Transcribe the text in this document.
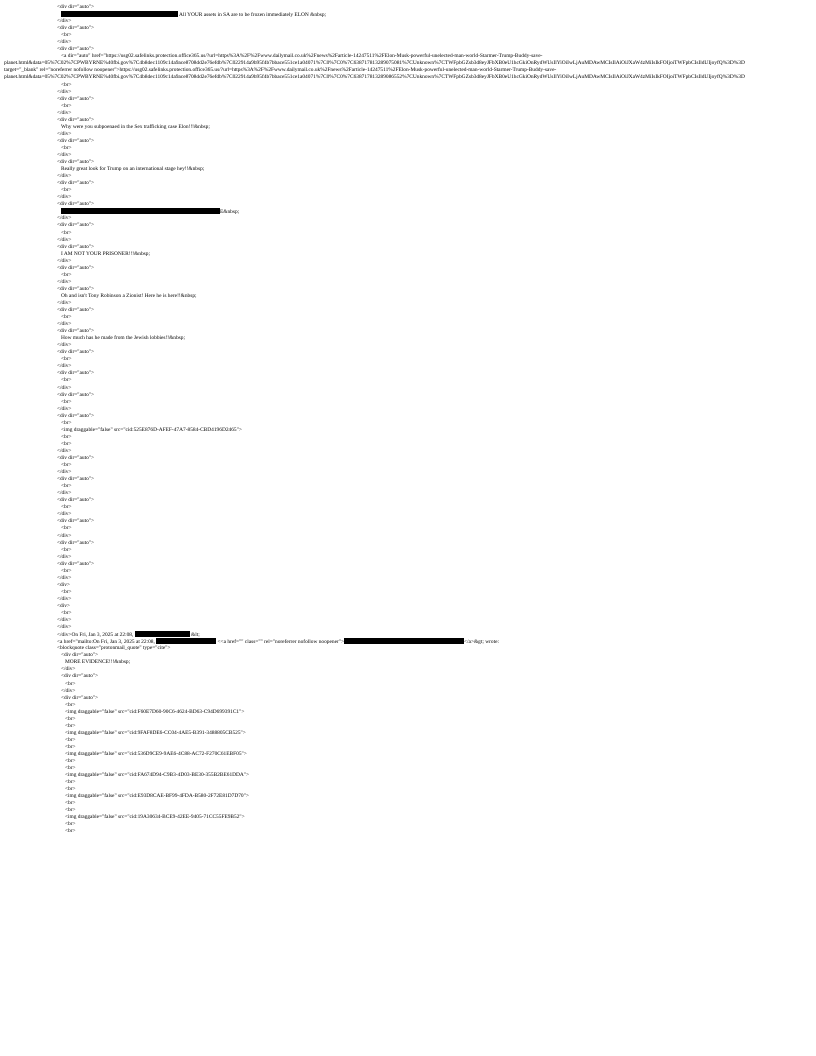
<div dir="auto">
All YOUR assets in SA are to be frozen immediately ELON &nbsp;
</div>
<div dir="auto">
<br>
</div>
<div dir="auto">
<a dir="auto" href="https://usg02.safelinks.protection.office365.us/?url=https%3A%2F%2Fwww.dailymail.co.uk%2Fnews%2Farticle-14247511%2FElon-Musk-powerful-unelected-man-world-Starmer-Trump-Buddy-save-
planet.html&data=05%7C02%7CPWBYRNE%40fbi.gov%7C4b8dec1109c14a9ace8708dd2e76efdb%7C022914a9b95f4b7bbace551ce1a04071%7C0%7C0%7C638717813289075081%7CUnknown%7CTWFpbGZsb3d8eyJFbXB0eU1hcGkiOnRydWUsIlYiOiIwLjAuMDAwMCIsIlAiOiJXaW4zMiIsIkFOIjoiTWFpbCIsIldUIjoyfQ%3D%3D
target="_blank" rel="noreferrer nofollow noopener">https://usg02.safelinks.protection.office365.us/?url=https%3A%2F%2Fwww.dailymail.co.uk%2Fnews%2Farticle-14247511%2FElon-Musk-powerful-unelected-man-world-Starmer-Trump-Buddy-save-
planet.html&data=05%7C02%7CPWBYRNE%40fbi.gov%7C4b8dec1109c14a9ace8708dd2e76efdb%7C022914a9b95f4b7bbace551ce1a04071%7C0%7C0%7C638717813289086552%7CUnknown%7CTWFpbGZsb3d8eyJFbXB0eU1hcGkiOnRydWUsIlYiOiIwLjAuMDAwMCIsIlAiOiJXaW4zMiIsIkFOIjoiTWFpbCIsIldUIjoyfQ%3D%3D
<br>
</div>
<div dir="auto">
<br>
</div>
<div dir="auto">
Why were you subpoenaed in the Sex trafficking case Elon!!!&nbsp;
</div>
<div dir="auto">
<br>
</div>
<div dir="auto">
Really great look for Trump on an international stage hey!!&nbsp;
</div>
<div dir="auto">
<br>
</div>
<div dir="auto">
E&nbsp;
</div>
<div dir="auto">
<br>
</div>
<div dir="auto">
I AM NOT YOUR PRISONER!!!&nbsp;
</div>
<div dir="auto">
<br>
</div>
<div dir="auto">
Oh and isn't Tony Robinson a Zionist! Here he is here!!&nbsp;
</div>
<div dir="auto">
<br>
</div>
<div dir="auto">
How much has he made from the Jewish lobbies!!&nbsp;
</div>
<div dir="auto">
<br>
</div>
<div dir="auto">
<br>
</div>
<div dir="auto">
<br>
</div>
<div dir="auto">
<br>
<img draggable="false" src="cid:525E876D-AFEF-47A7-8584-CBD4196D2465">
<br>
<br>
</div>
<div dir="auto">
<br>
</div>
<div dir="auto">
<br>
</div>
<div dir="auto">
<br>
</div>
<div dir="auto">
<br>
</div>
<div dir="auto">
<br>
</div>
<div dir="auto">
<br>
</div>
<div>
<br>
</div>
<div>
<br>
</div>
</div>
</div>On Fri, Jan 3, 2025 at 22:08,	&lt;
<a href="mailto:On Fri, Jan 3, 2025 at 22:08,	<<a href="" class="" rel="noreferrer nofollow noopener">	</a>&gt; wrote:
<blockquote class="protonmail_quote" type="cite">
<div dir="auto">
MORE EVIDENCE!!!&nbsp;
</div>
<div dir="auto">
<br>
</div>
<div dir="auto">
<br>
<img draggable="false" src="cid:F60E7D60-90C6-4624-BD63-C94D699391C1">
<br>
<br>
<img draggable="false" src="cid:9FAF8DE6-CC04-4AE5-B391-3488805CB525">
<br>
<br>
<img draggable="false" src="cid:536D9CE9-9AE6-4C88-AC72-F270C61EBF05">
<br>
<br>
<img draggable="false" src="cid:FA674D94-C9B3-4D03-BE30-355B2BE61DDA">
<br>
<br>
<img draggable="false" src="cid:E93D8CAE-BF99-4FDA-B580-2F72E81D7D70">
<br>
<br>
<img draggable="false" src="cid:19A30634-BCE9-42EE-9405-71CC55FE9B52">
<br>
<br>
